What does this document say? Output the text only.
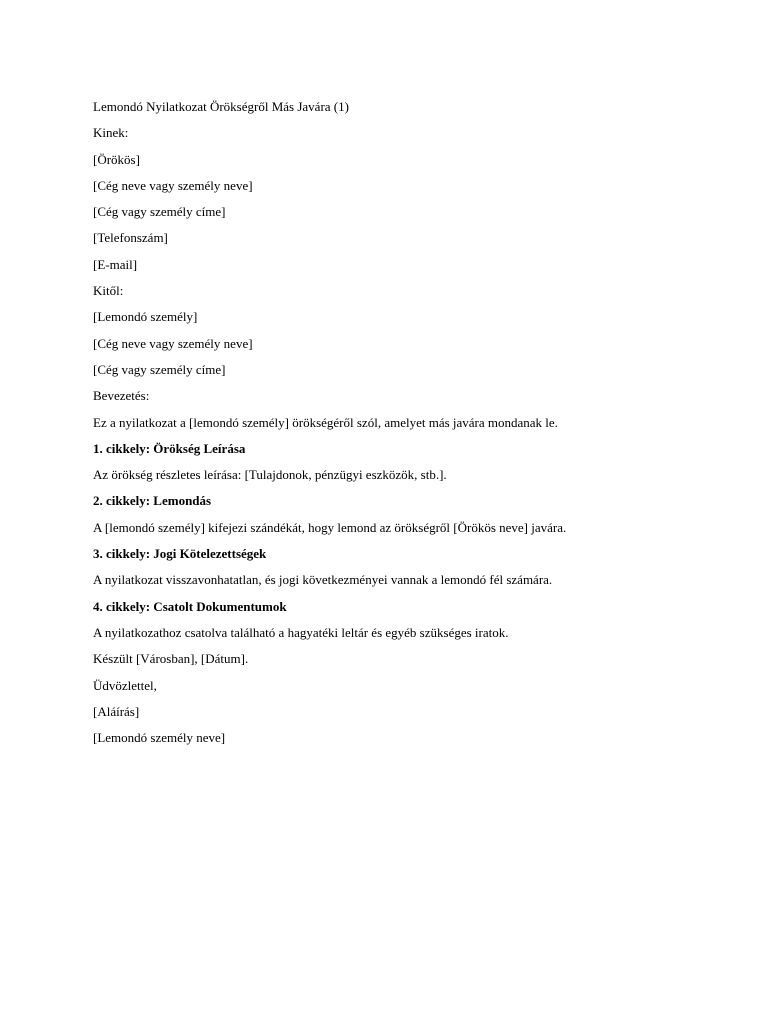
Lemondó Nyilatkozat Örökségről Más Javára (1)
Kinek:
[Örökös]
[Cég neve vagy személy neve]
[Cég vagy személy címe]
[Telefonszám]
[E-mail]
Kitől:
[Lemondó személy]
[Cég neve vagy személy neve]
[Cég vagy személy címe]
Bevezetés:
Ez a nyilatkozat a [lemondó személy] örökségéről szól, amelyet más javára mondanak le.
1. cikkely: Örökség Leírása
Az örökség részletes leírása: [Tulajdonok, pénzügyi eszközök, stb.].
2. cikkely: Lemondás
A [lemondó személy] kifejezi szándékát, hogy lemond az örökségről [Örökös neve] javára.
3. cikkely: Jogi Kötelezettségek
A nyilatkozat visszavonhatatlan, és jogi következményei vannak a lemondó fél számára.
4. cikkely: Csatolt Dokumentumok
A nyilatkozathoz csatolva található a hagyatéki leltár és egyéb szükséges iratok.
Készült [Városban], [Dátum].
Üdvözlettel,
[Aláírás]
[Lemondó személy neve]
